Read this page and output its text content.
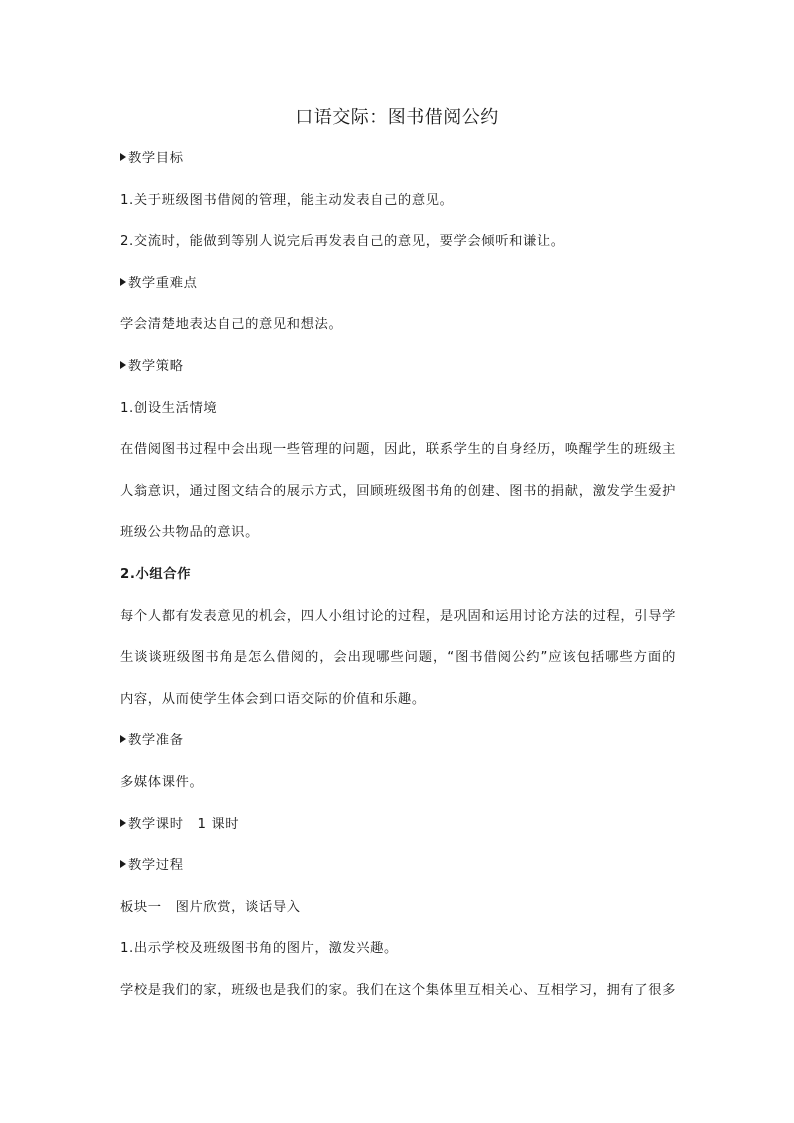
口语交际：图书借阅公约
教学目标
1.关于班级图书借阅的管理，能主动发表自己的意见。
2.交流时，能做到等别人说完后再发表自己的意见，要学会倾听和谦让。
教学重难点
学会清楚地表达自己的意见和想法。
教学策略
1.创设生活情境
在借阅图书过程中会出现一些管理的问题，因此，联系学生的自身经历，唤醒学生的班级主
人翁意识，通过图文结合的展示方式，回顾班级图书角的创建、图书的捐献，激发学生爱护
班级公共物品的意识。
2.小组合作
每个人都有发表意见的机会，四人小组讨论的过程，是巩固和运用讨论方法的过程，引导学
生谈谈班级图书角是怎么借阅的，会出现哪些问题，“图书借阅公约”应该包括哪些方面的
内容，从而使学生体会到口语交际的价值和乐趣。
教学准备
多媒体课件。
教学课时　1 课时
教学过程
板块一　图片欣赏，谈话导入
1.出示学校及班级图书角的图片，激发兴趣。
学校是我们的家，班级也是我们的家。我们在这个集体里互相关心、互相学习，拥有了很多
